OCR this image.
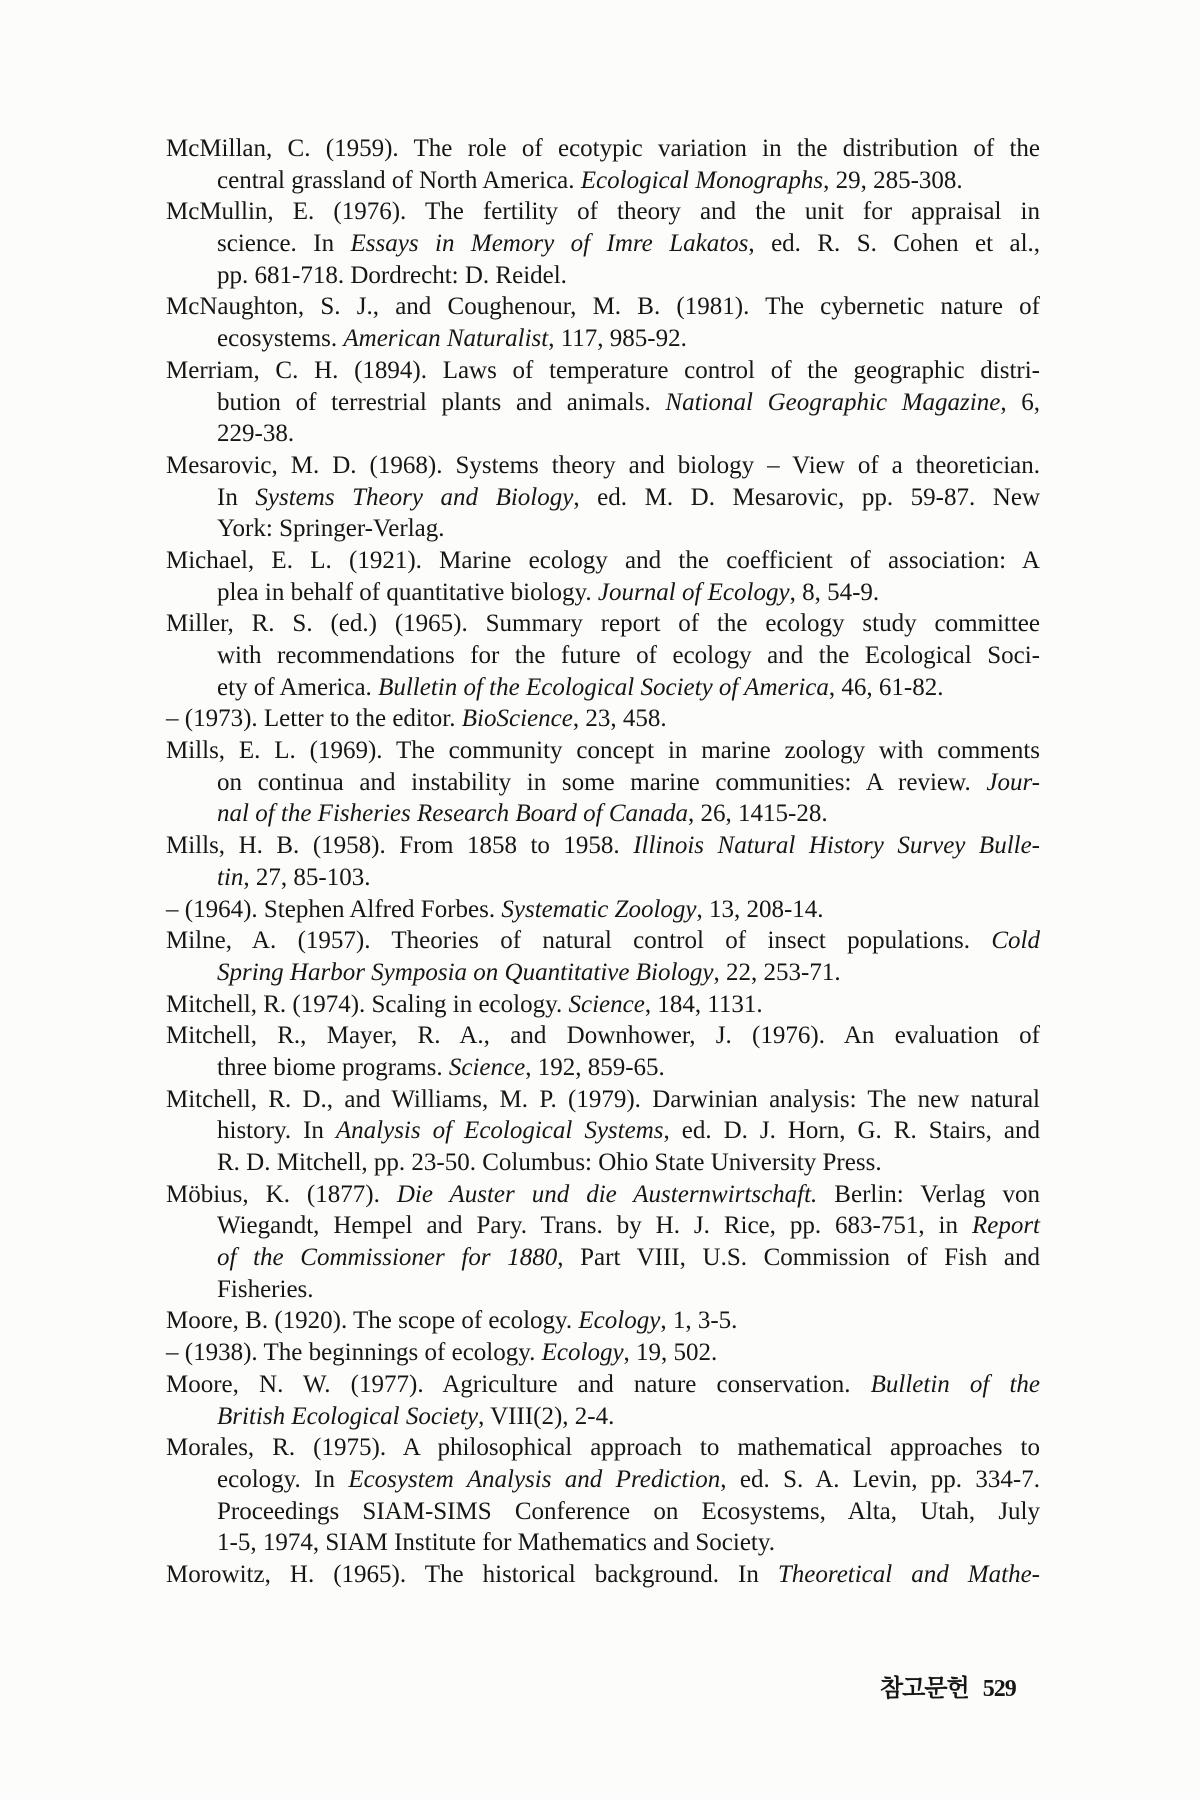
McMillan, C. (1959). The role of ecotypic variation in the distribution of the
central grassland of North America. Ecological Monographs, 29, 285-308.
McMullin, E. (1976). The fertility of theory and the unit for appraisal in
science. In Essays in Memory of Imre Lakatos, ed. R. S. Cohen et al.,
pp. 681-718. Dordrecht: D. Reidel.
McNaughton, S. J., and Coughenour, M. B. (1981). The cybernetic nature of
ecosystems. American Naturalist, 117, 985-92.
Merriam, C. H. (1894). Laws of temperature control of the geographic distri-
bution of terrestrial plants and animals. National Geographic Magazine, 6,
229-38.
Mesarovic, M. D. (1968). Systems theory and biology – View of a theoretician.
In Systems Theory and Biology, ed. M. D. Mesarovic, pp. 59-87. New
York: Springer-Verlag.
Michael, E. L. (1921). Marine ecology and the coefficient of association: A
plea in behalf of quantitative biology. Journal of Ecology, 8, 54-9.
Miller, R. S. (ed.) (1965). Summary report of the ecology study committee
with recommendations for the future of ecology and the Ecological Soci-
ety of America. Bulletin of the Ecological Society of America, 46, 61-82.
– (1973). Letter to the editor. BioScience, 23, 458.
Mills, E. L. (1969). The community concept in marine zoology with comments
on continua and instability in some marine communities: A review. Jour-
nal of the Fisheries Research Board of Canada, 26, 1415-28.
Mills, H. B. (1958). From 1858 to 1958. Illinois Natural History Survey Bulle-
tin, 27, 85-103.
– (1964). Stephen Alfred Forbes. Systematic Zoology, 13, 208-14.
Milne, A. (1957). Theories of natural control of insect populations. Cold
Spring Harbor Symposia on Quantitative Biology, 22, 253-71.
Mitchell, R. (1974). Scaling in ecology. Science, 184, 1131.
Mitchell, R., Mayer, R. A., and Downhower, J. (1976). An evaluation of
three biome programs. Science, 192, 859-65.
Mitchell, R. D., and Williams, M. P. (1979). Darwinian analysis: The new natural
history. In Analysis of Ecological Systems, ed. D. J. Horn, G. R. Stairs, and
R. D. Mitchell, pp. 23-50. Columbus: Ohio State University Press.
Möbius, K. (1877). Die Auster und die Austernwirtschaft. Berlin: Verlag von
Wiegandt, Hempel and Pary. Trans. by H. J. Rice, pp. 683-751, in Report
of the Commissioner for 1880, Part VIII, U.S. Commission of Fish and
Fisheries.
Moore, B. (1920). The scope of ecology. Ecology, 1, 3-5.
– (1938). The beginnings of ecology. Ecology, 19, 502.
Moore, N. W. (1977). Agriculture and nature conservation. Bulletin of the
British Ecological Society, VIII(2), 2-4.
Morales, R. (1975). A philosophical approach to mathematical approaches to
ecology. In Ecosystem Analysis and Prediction, ed. S. A. Levin, pp. 334-7.
Proceedings SIAM-SIMS Conference on Ecosystems, Alta, Utah, July
1-5, 1974, SIAM Institute for Mathematics and Society.
Morowitz, H. (1965). The historical background. In Theoretical and Mathe-
참고문헌 529
